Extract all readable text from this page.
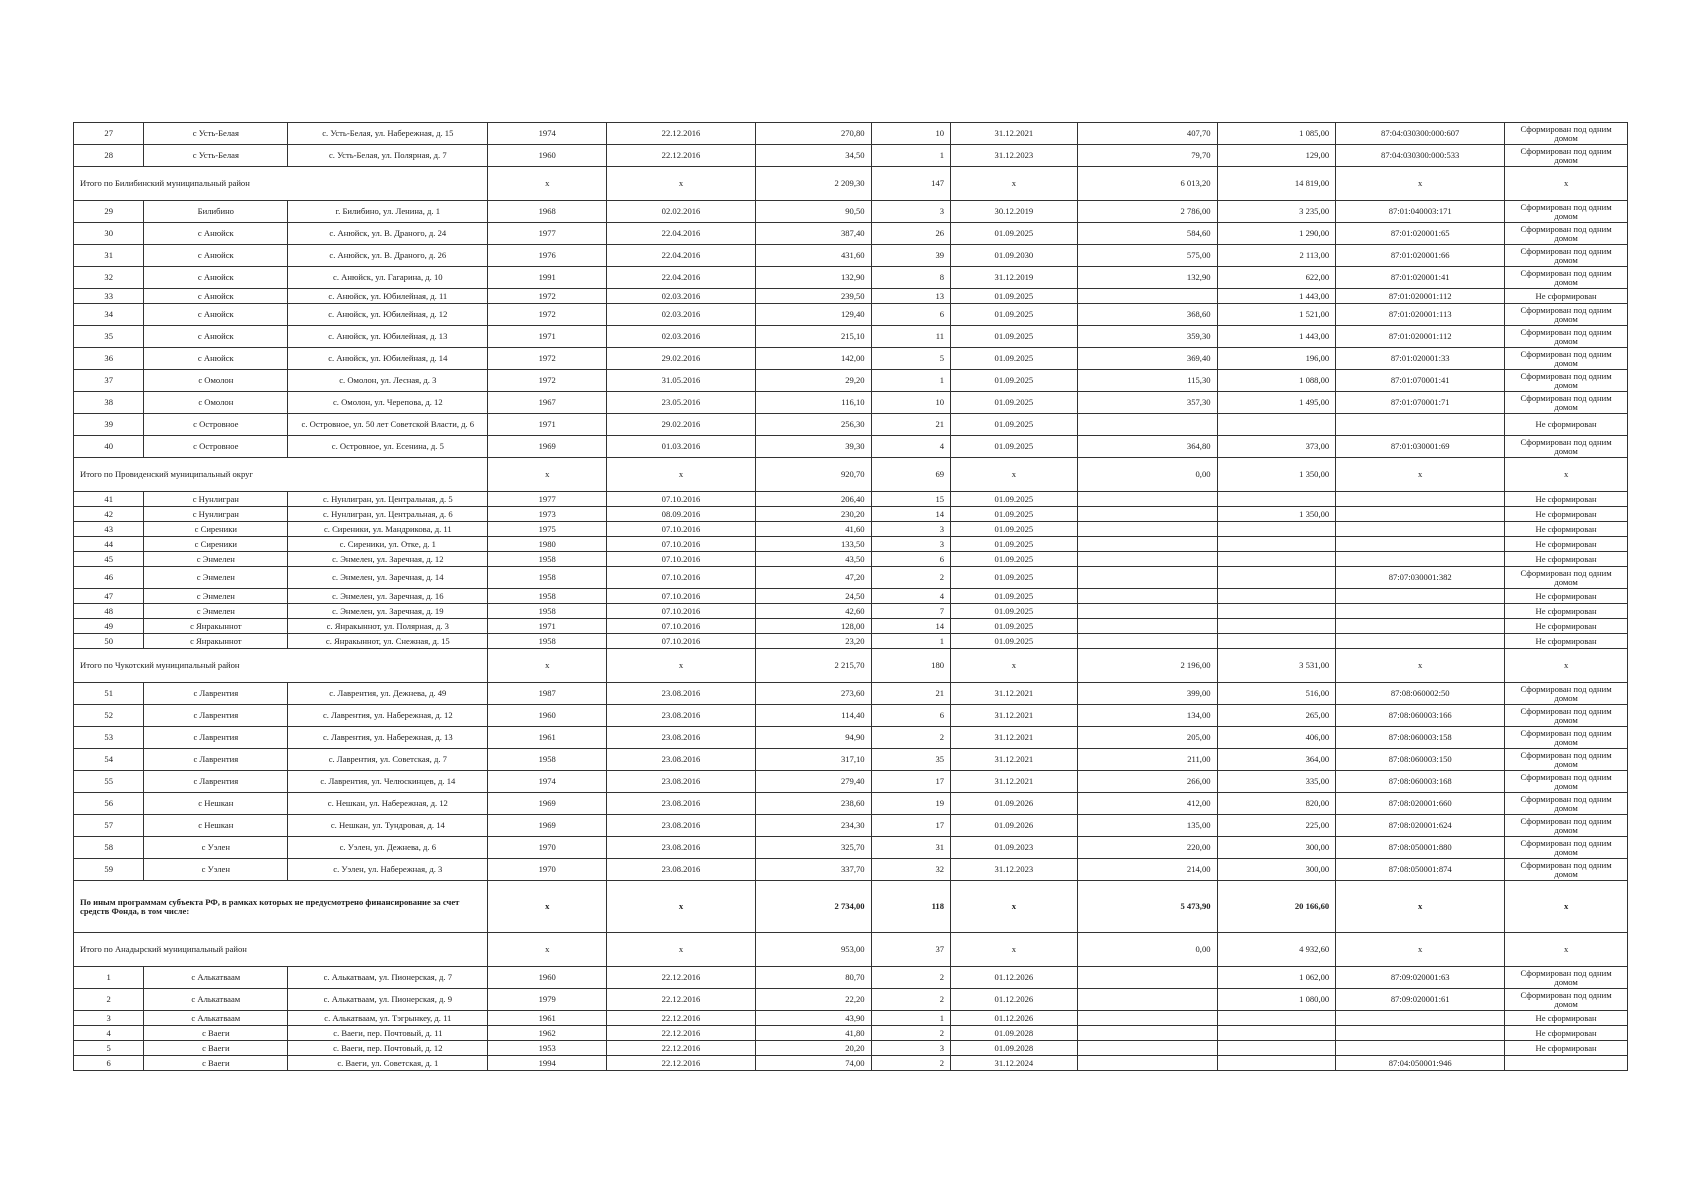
27	с Усть-Белая	с. Усть-Белая, ул. Набережная, д. 15	1974	22.12.2016	270,80	10	31.12.2021	407,70	1 085,00	87:04:030300:000:607	Сформирован под одним домом
28	с Усть-Белая	с. Усть-Белая, ул. Полярная, д. 7	1960	22.12.2016	34,50	1	31.12.2023	79,70	129,00	87:04:030300:000:533	Сформирован под одним домом
Итого по Билибинский муниципальный район			x	x	2 209,30	147	x	6 013,20	14 819,00	x	x
29	Билибино	г. Билибино, ул. Ленина, д. 1	1968	02.02.2016	90,50	3	30.12.2019	2 786,00	3 235,00	87:01:040003:171	Сформирован под одним домом
30	с Анюйск	с. Анюйск, ул. В. Драного, д. 24	1977	22.04.2016	387,40	26	01.09.2025	584,60	1 290,00	87:01:020001:65	Сформирован под одним домом
31	с Анюйск	с. Анюйск, ул. В. Драного, д. 26	1976	22.04.2016	431,60	39	01.09.2030	575,00	2 113,00	87:01:020001:66	Сформирован под одним домом
32	с Анюйск	с. Анюйск, ул. Гагарина, д. 10	1991	22.04.2016	132,90	8	31.12.2019	132,90	622,00	87:01:020001:41	Сформирован под одним домом
33	с Анюйск	с. Анюйск, ул. Юбилейная, д. 11	1972	02.03.2016	239,50	13	01.09.2025		1 443,00	87:01:020001:112	Не сформирован
34	с Анюйск	с. Анюйск, ул. Юбилейная, д. 12	1972	02.03.2016	129,40	6	01.09.2025	368,60	1 521,00	87:01:020001:113	Сформирован под одним домом
35	с Анюйск	с. Анюйск, ул. Юбилейная, д. 13	1971	02.03.2016	215,10	11	01.09.2025	359,30	1 443,00	87:01:020001:112	Сформирован под одним домом
36	с Анюйск	с. Анюйск, ул. Юбилейная, д. 14	1972	29.02.2016	142,00	5	01.09.2025	369,40	196,00	87:01:020001:33	Сформирован под одним домом
37	с Омолон	с. Омолон, ул. Лесная, д. 3	1972	31.05.2016	29,20	1	01.09.2025	115,30	1 088,00	87:01:070001:41	Сформирован под одним домом
38	с Омолон	с. Омолон, ул. Черепова, д. 12	1967	23.05.2016	116,10	10	01.09.2025	357,30	1 495,00	87:01:070001:71	Сформирован под одним домом
39	с Островное	с. Островное, ул. 50 лет Советской Власти, д. 6	1971	29.02.2016	256,30	21	01.09.2025				Не сформирован
40	с Островное	с. Островное, ул. Есенина, д. 5	1969	01.03.2016	39,30	4	01.09.2025	364,80	373,00	87:01:030001:69	Сформирован под одним домом
Итого по Провиденский муниципальный округ			x	x	920,70	69	x	0,00	1 350,00	x	x
41	с Нунлигран	с. Нунлигран, ул. Центральная, д. 5	1977	07.10.2016	206,40	15	01.09.2025				Не сформирован
42	с Нунлигран	с. Нунлигран, ул. Центральная, д. 6	1973	08.09.2016	230,20	14	01.09.2025		1 350,00		Не сформирован
43	с Сиреники	с. Сиреники, ул. Мандрикова, д. 11	1975	07.10.2016	41,60	3	01.09.2025				Не сформирован
44	с Сиреники	с. Сиреники, ул. Отке, д. 1	1980	07.10.2016	133,50	3	01.09.2025				Не сформирован
45	с Энмелен	с. Энмелен, ул. Заречная, д. 12	1958	07.10.2016	43,50	6	01.09.2025				Не сформирован
46	с Энмелен	с. Энмелен, ул. Заречная, д. 14	1958	07.10.2016	47,20	2	01.09.2025			87:07:030001:382	Сформирован под одним домом
47	с Энмелен	с. Энмелен, ул. Заречная, д. 16	1958	07.10.2016	24,50	4	01.09.2025				Не сформирован
48	с Энмелен	с. Энмелен, ул. Заречная, д. 19	1958	07.10.2016	42,60	7	01.09.2025				Не сформирован
49	с Янракыннот	с. Янракыннот, ул. Полярная, д. 3	1971	07.10.2016	128,00	14	01.09.2025				Не сформирован
50	с Янракыннот	с. Янракыннот, ул. Снежная, д. 15	1958	07.10.2016	23,20	1	01.09.2025				Не сформирован
Итого по Чукотский муниципальный район			x	x	2 215,70	180	x	2 196,00	3 531,00	x	x
51	с Лаврентия	с. Лаврентия, ул. Дежнева, д. 49	1987	23.08.2016	273,60	21	31.12.2021	399,00	516,00	87:08:060002:50	Сформирован под одним домом
52	с Лаврентия	с. Лаврентия, ул. Набережная, д. 12	1960	23.08.2016	114,40	6	31.12.2021	134,00	265,00	87:08:060003:166	Сформирован под одним домом
53	с Лаврентия	с. Лаврентия, ул. Набережная, д. 13	1961	23.08.2016	94,90	2	31.12.2021	205,00	406,00	87:08:060003:158	Сформирован под одним домом
54	с Лаврентия	с. Лаврентия, ул. Советская, д. 7	1958	23.08.2016	317,10	35	31.12.2021	211,00	364,00	87:08:060003:150	Сформирован под одним домом
55	с Лаврентия	с. Лаврентия, ул. Челюскинцев, д. 14	1974	23.08.2016	279,40	17	31.12.2021	266,00	335,00	87:08:060003:168	Сформирован под одним домом
56	с Нешкан	с. Нешкан, ул. Набережная, д. 12	1969	23.08.2016	238,60	19	01.09.2026	412,00	820,00	87:08:020001:660	Сформирован под одним домом
57	с Нешкан	с. Нешкан, ул. Тундровая, д. 14	1969	23.08.2016	234,30	17	01.09.2026	135,00	225,00	87:08:020001:624	Сформирован под одним домом
58	с Уэлен	с. Уэлен, ул. Дежнева, д. 6	1970	23.08.2016	325,70	31	01.09.2023	220,00	300,00	87:08:050001:880	Сформирован под одним домом
59	с Уэлен	с. Уэлен, ул. Набережная, д. 3	1970	23.08.2016	337,70	32	31.12.2023	214,00	300,00	87:08:050001:874	Сформирован под одним домом
По иным программам субъекта РФ, в рамках которых не предусмотрено финансирование за счет средств Фонда, в том числе:			x	x	2 734,00	118	x	5 473,90	20 166,60	x	x
Итого по Анадырский муниципальный район			x	x	953,00	37	x	0,00	4 932,60	x	x
1	с Алькатваам	с. Алькатваам, ул. Пионерская, д. 7	1960	22.12.2016	80,70	2	01.12.2026		1 062,00	87:09:020001:63	Сформирован под одним домом
2	с Алькатваам	с. Алькатваам, ул. Пионерская, д. 9	1979	22.12.2016	22,20	2	01.12.2026		1 080,00	87:09:020001:61	Сформирован под одним домом
3	с Алькатваам	с. Алькатваам, ул. Тэгрынкеу, д. 11	1961	22.12.2016	43,90	1	01.12.2026				Не сформирован
4	с Ваеги	с. Ваеги, пер. Почтовый, д. 11	1962	22.12.2016	41,80	2	01.09.2028				Не сформирован
5	с Ваеги	с. Ваеги, пер. Почтовый, д. 12	1953	22.12.2016	20,20	3	01.09.2028				Не сформирован
6	с Ваеги	с. Ваеги, ул. Советская, д. 1	1994	22.12.2016	74,00	2	31.12.2024			87:04:050001:946	
